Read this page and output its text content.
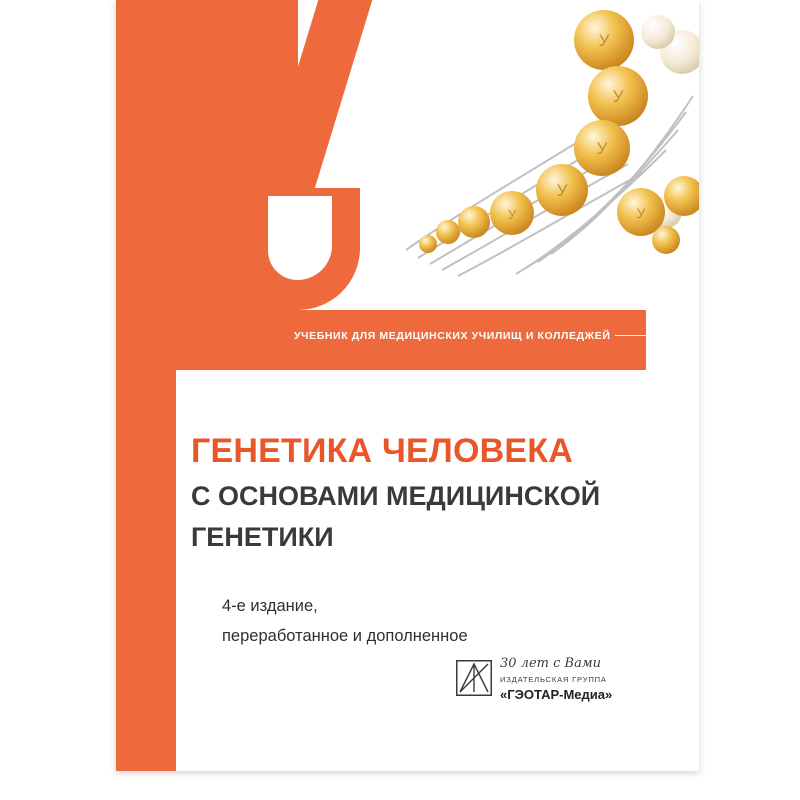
У
У
У
У
У	У
УЧЕБНИК ДЛЯ МЕДИЦИНСКИХ УЧИЛИЩ И КОЛЛЕДЖЕЙ
ГЕНЕТИКА ЧЕЛОВЕКА
С ОСНОВАМИ МЕДИЦИНСКОЙ
ГЕНЕТИКИ
4-е издание,
переработанное и дополненное
30 лет с Вами
ИЗДАТЕЛЬСКАЯ ГРУППА
«ГЭОТАР-Медиа»
